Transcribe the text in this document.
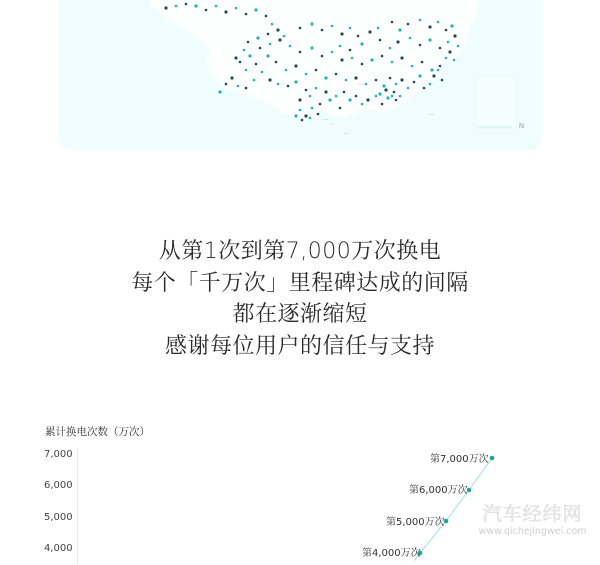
N
······
·····
···
····
·····
从第1次到第7,000万次换电
每个「千万次」里程碑达成的间隔
都在逐渐缩短
感谢每位用户的信任与支持
累计换电次数（万次）
7,000
6,000
5,000
4,000
第7,000万次
第6,000万次
第5,000万次
第4,000万次
汽车经纬网
www.qichejingwei.com
